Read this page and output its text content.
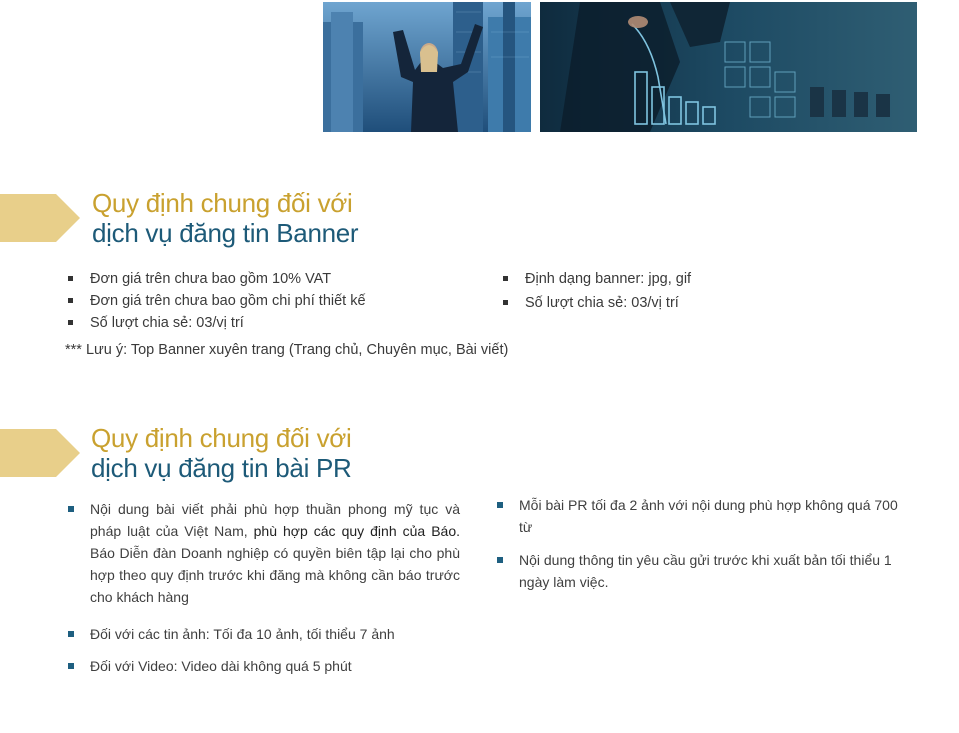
Quy định chung đối với
dịch vụ đăng tin Banner
Đơn giá trên chưa bao gồm 10% VAT
Đơn giá trên chưa bao gồm chi phí thiết kế
Số lượt chia sẻ: 03/vị trí
Định dạng banner: jpg, gif
Số lượt chia sẻ: 03/vị trí
*** Lưu ý: Top Banner xuyên trang (Trang chủ, Chuyên mục, Bài viết)
Quy định chung đối với
dịch vụ đăng tin bài PR
Nội dung bài viết phải phù hợp thuần phong mỹ tục và pháp luật của Việt Nam, phù hợp các quy định của Báo. Báo Diễn đàn Doanh nghiệp có quyền biên tập lại cho phù hợp theo quy định trước khi đăng mà không cần báo trước cho khách hàng
Đối với các tin ảnh: Tối đa 10 ảnh, tối thiểu 7 ảnh
Đối với Video: Video dài không quá 5 phút
Mỗi bài PR tối đa 2 ảnh với nội dung phù hợp không quá 700 từ
Nội dung thông tin yêu cầu gửi trước khi xuất bản tối thiểu 1 ngày làm việc.
